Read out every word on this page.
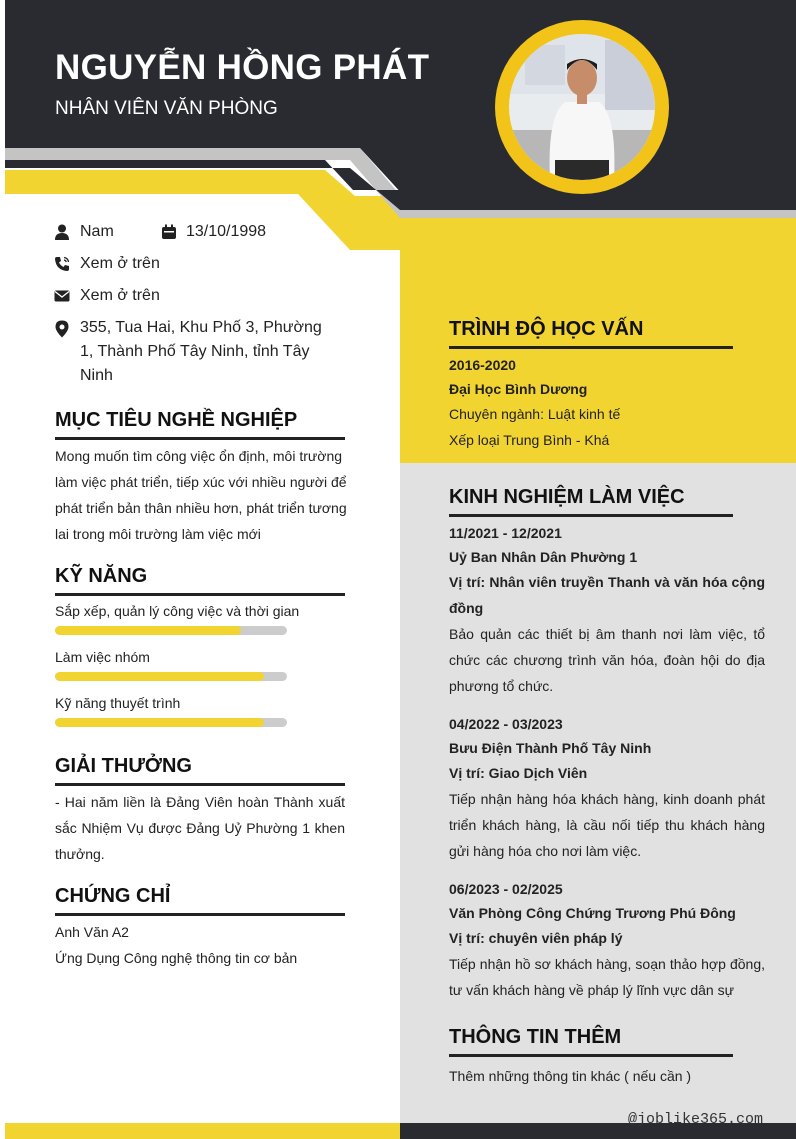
NGUYỄN HỒNG PHÁT
NHÂN VIÊN VĂN PHÒNG
Nam	13/10/1998
Xem ở trên
Xem ở trên
355, Tua Hai, Khu Phố 3, Phường
1, Thành Phố Tây Ninh, tỉnh Tây
Ninh
MỤC TIÊU NGHỀ NGHIỆP
Mong muốn tìm công việc ổn định, môi trường
làm việc phát triển, tiếp xúc với nhiều người để
phát triển bản thân nhiều hơn, phát triển tương
lai trong môi trường làm việc mới
KỸ NĂNG
Sắp xếp, quản lý công việc và thời gian
Làm việc nhóm
Kỹ năng thuyết trình
GIẢI THƯỞNG
- Hai năm liền là Đảng Viên hoàn Thành xuất
sắc Nhiệm Vụ được Đảng Uỷ Phường 1 khen
thưởng.
CHỨNG CHỈ
Anh Văn A2
Ứng Dụng Công nghệ thông tin cơ bản
TRÌNH ĐỘ HỌC VẤN
2016-2020
Đại Học Bình Dương
Chuyên ngành: Luật kinh tế
Xếp loại Trung Bình - Khá
KINH NGHIỆM LÀM VIỆC
11/2021 - 12/2021
Uỷ Ban Nhân Dân Phường 1
Vị trí: Nhân viên truyền Thanh và văn hóa cộng
đồng
Bảo quản các thiết bị âm thanh nơi làm việc, tổ
chức các chương trình văn hóa, đoàn hội do địa
phương tổ chức.
04/2022 - 03/2023
Bưu Điện Thành Phố Tây Ninh
Vị trí: Giao Dịch Viên
Tiếp nhận hàng hóa khách hàng, kinh doanh phát
triển khách hàng, là cầu nối tiếp thu khách hàng
gửi hàng hóa cho nơi làm việc.
06/2023 - 02/2025
Văn Phòng Công Chứng Trương Phú Đông
Vị trí: chuyên viên pháp lý
Tiếp nhận hồ sơ khách hàng, soạn thảo hợp đồng,
tư vấn khách hàng về pháp lý lĩnh vực dân sự
THÔNG TIN THÊM
Thêm những thông tin khác ( nếu cần )
@joblike365.com
